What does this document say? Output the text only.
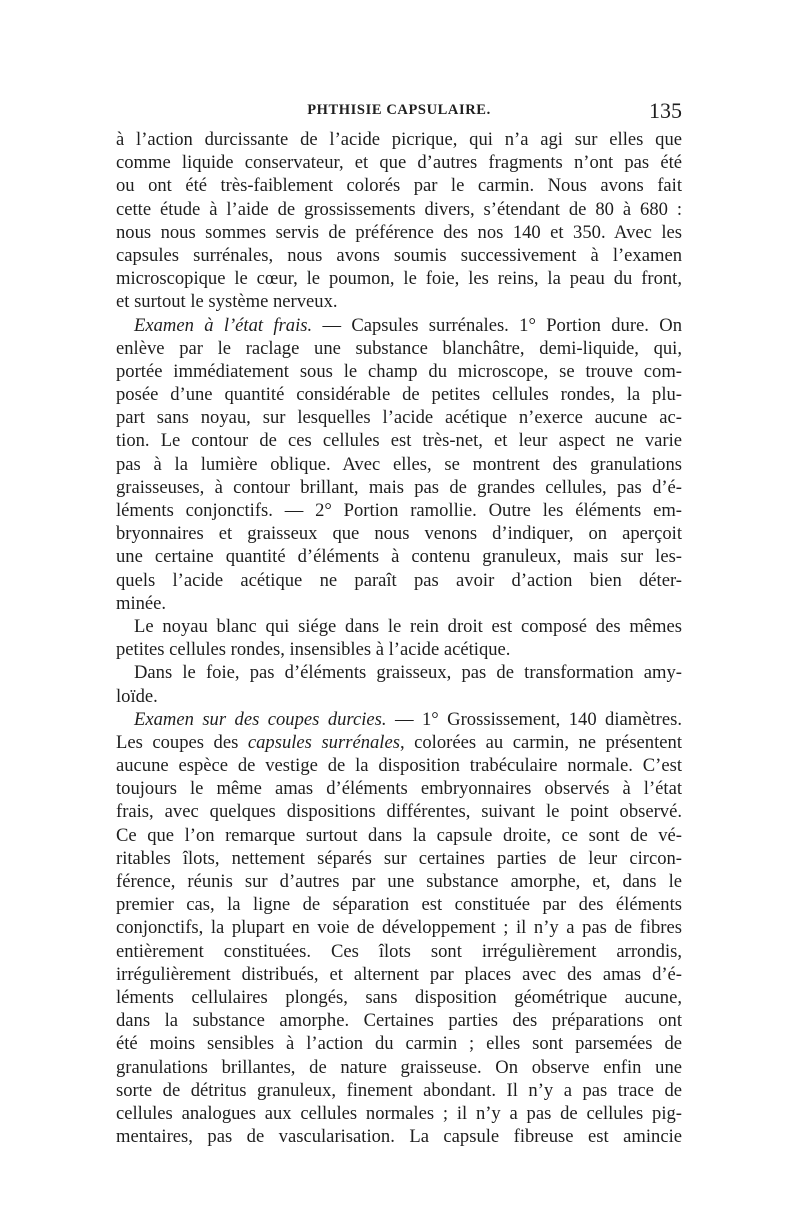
PHTHISIE CAPSULAIRE.	135
à l’action durcissante de l’acide picrique, qui n’a agi sur elles que
comme liquide conservateur, et que d’autres fragments n’ont pas été
ou ont été très-faiblement colorés par le carmin. Nous avons fait
cette étude à l’aide de grossissements divers, s’étendant de 80 à 680 :
nous nous sommes servis de préférence des nos 140 et 350. Avec les
capsules surrénales, nous avons soumis successivement à l’examen
microscopique le cœur, le poumon, le foie, les reins, la peau du front,
et surtout le système nerveux.
Examen à l’état frais. — Capsules surrénales. 1° Portion dure. On
enlève par le raclage une substance blanchâtre, demi-liquide, qui,
portée immédiatement sous le champ du microscope, se trouve com-
posée d’une quantité considérable de petites cellules rondes, la plu-
part sans noyau, sur lesquelles l’acide acétique n’exerce aucune ac-
tion. Le contour de ces cellules est très-net, et leur aspect ne varie
pas à la lumière oblique. Avec elles, se montrent des granulations
graisseuses, à contour brillant, mais pas de grandes cellules, pas d’é-
léments conjonctifs. — 2° Portion ramollie. Outre les éléments em-
bryonnaires et graisseux que nous venons d’indiquer, on aperçoit
une certaine quantité d’éléments à contenu granuleux, mais sur les-
quels l’acide acétique ne paraît pas avoir d’action bien déter-
minée.
Le noyau blanc qui siége dans le rein droit est composé des mêmes
petites cellules rondes, insensibles à l’acide acétique.
Dans le foie, pas d’éléments graisseux, pas de transformation amy-
loïde.
Examen sur des coupes durcies. — 1° Grossissement, 140 diamètres.
Les coupes des capsules surrénales, colorées au carmin, ne présentent
aucune espèce de vestige de la disposition trabéculaire normale. C’est
toujours le même amas d’éléments embryonnaires observés à l’état
frais, avec quelques dispositions différentes, suivant le point observé.
Ce que l’on remarque surtout dans la capsule droite, ce sont de vé-
ritables îlots, nettement séparés sur certaines parties de leur circon-
férence, réunis sur d’autres par une substance amorphe, et, dans le
premier cas, la ligne de séparation est constituée par des éléments
conjonctifs, la plupart en voie de développement ; il n’y a pas de fibres
entièrement constituées. Ces îlots sont irrégulièrement arrondis,
irrégulièrement distribués, et alternent par places avec des amas d’é-
léments cellulaires plongés, sans disposition géométrique aucune,
dans la substance amorphe. Certaines parties des préparations ont
été moins sensibles à l’action du carmin ; elles sont parsemées de
granulations brillantes, de nature graisseuse. On observe enfin une
sorte de détritus granuleux, finement abondant. Il n’y a pas trace de
cellules analogues aux cellules normales ; il n’y a pas de cellules pig-
mentaires, pas de vascularisation. La capsule fibreuse est amincie
